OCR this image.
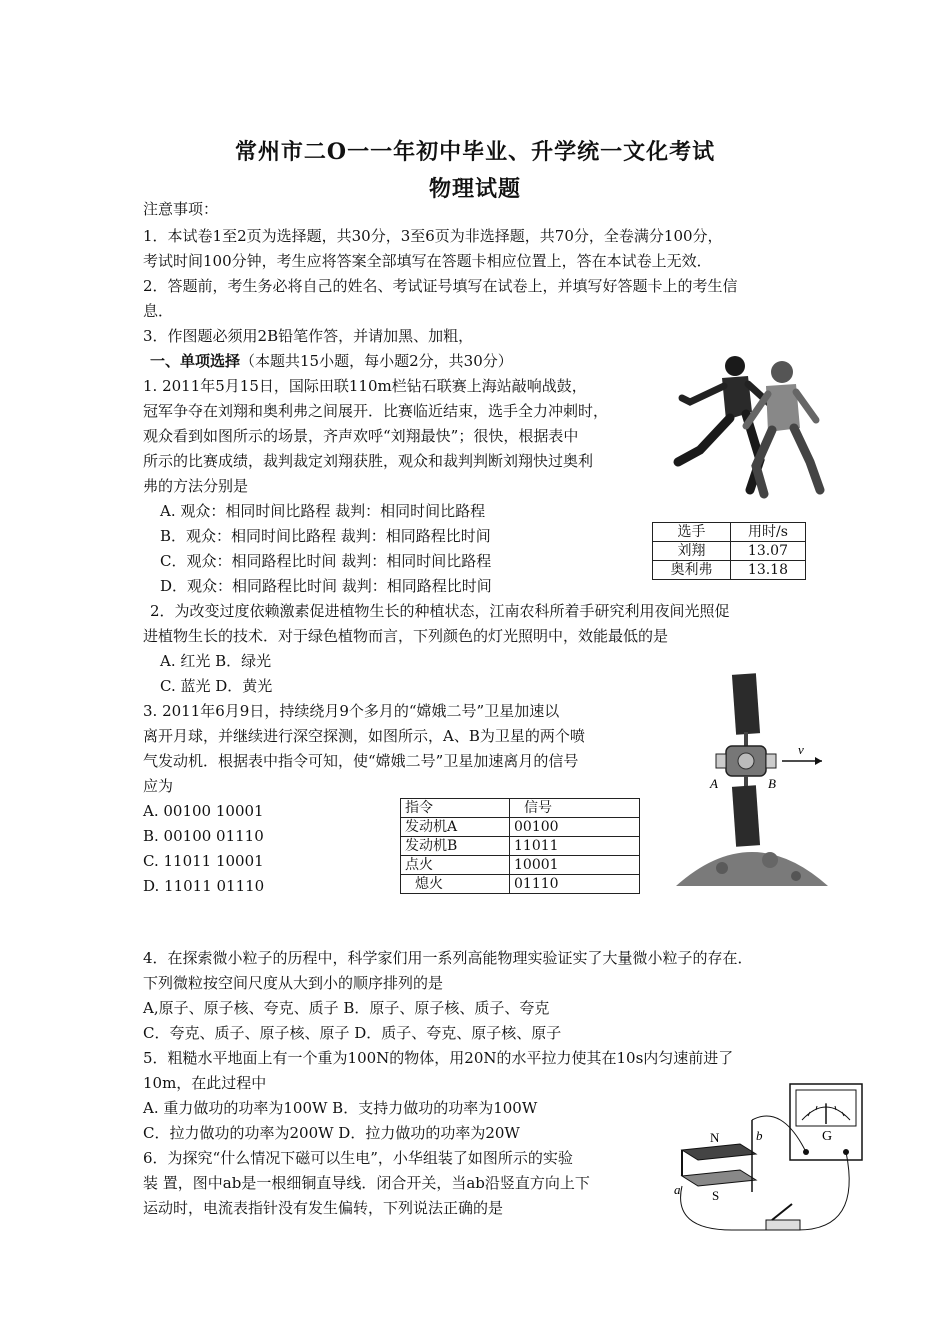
常州市二O一一年初中毕业、升学统一文化考试
物理试题
注意事项：
1．本试卷1至2页为选择题，共30分，3至6页为非选择题，共70分，全卷满分100分，
考试时间100分钟，考生应将答案全部填写在答题卡相应位置上，答在本试卷上无效．
2．答题前，考生务必将自己的姓名、考试证号填写在试卷上，并填写好答题卡上的考生信
息．
3．作图题必须用2B铅笔作答，并请加黑、加粗，
一、单项选择（本题共15小题，每小题2分，共30分）
1. 2011年5月15日，国际田联110m栏钻石联赛上海站敲响战鼓，
冠军争夺在刘翔和奥利弗之间展开．比赛临近结束，选手全力冲刺时，
观众看到如图所示的场景，齐声欢呼“刘翔最快”；很快，根据表中
所示的比赛成绩，裁判裁定刘翔获胜，观众和裁判判断刘翔快过奥利
弗的方法分别是
A. 观众：相同时间比路程 裁判：相同时间比路程
B．观众：相同时间比路程 裁判：相同路程比时间
C．观众：相同路程比时间 裁判：相同时间比路程
D．观众：相同路程比时间 裁判：相同路程比时间
选手	用时/s
刘翔	13.07
奥利弗	13.18
2．为改变过度依赖激素促进植物生长的种植状态，江南农科所着手研究利用夜间光照促
进植物生长的技术．对于绿色植物而言，下列颜色的灯光照明中，效能最低的是
A. 红光 B．绿光
C. 蓝光 D．黄光
3. 2011年6月9日，持续绕月9个多月的“嫦娥二号”卫星加速以
离开月球，并继续进行深空探测，如图所示，A、B为卫星的两个喷
气发动机．根据表中指令可知，使“嫦娥二号”卫星加速离月的信号
应为
A. 00100 10001
B. 00100 01110
C. 11011 10001
D. 11011 01110
指令	信号
发动机A	00100
发动机B	11011
点火	10001
熄火	01110
A	B
v
4．在探索微小粒子的历程中，科学家们用一系列高能物理实验证实了大量微小粒子的存在．
下列微粒按空间尺度从大到小的顺序排列的是
A,原子、原子核、夸克、质子 B．原子、原子核、质子、夸克
C．夸克、质子、原子核、原子 D．质子、夸克、原子核、原子
5．粗糙水平地面上有一个重为100N的物体，用20N的水平拉力使其在10s内匀速前进了
10m，在此过程中
A. 重力做功的功率为100W B．支持力做功的功率为100W
C．拉力做功的功率为200W D．拉力做功的功率为20W
6．为探究“什么情况下磁可以生电”，小华组装了如图所示的实验
装 置，图中ab是一根细铜直导线．闭合开关，当ab沿竖直方向上下
运动时，电流表指针没有发生偏转，下列说法正确的是
G
N
S
b
a
